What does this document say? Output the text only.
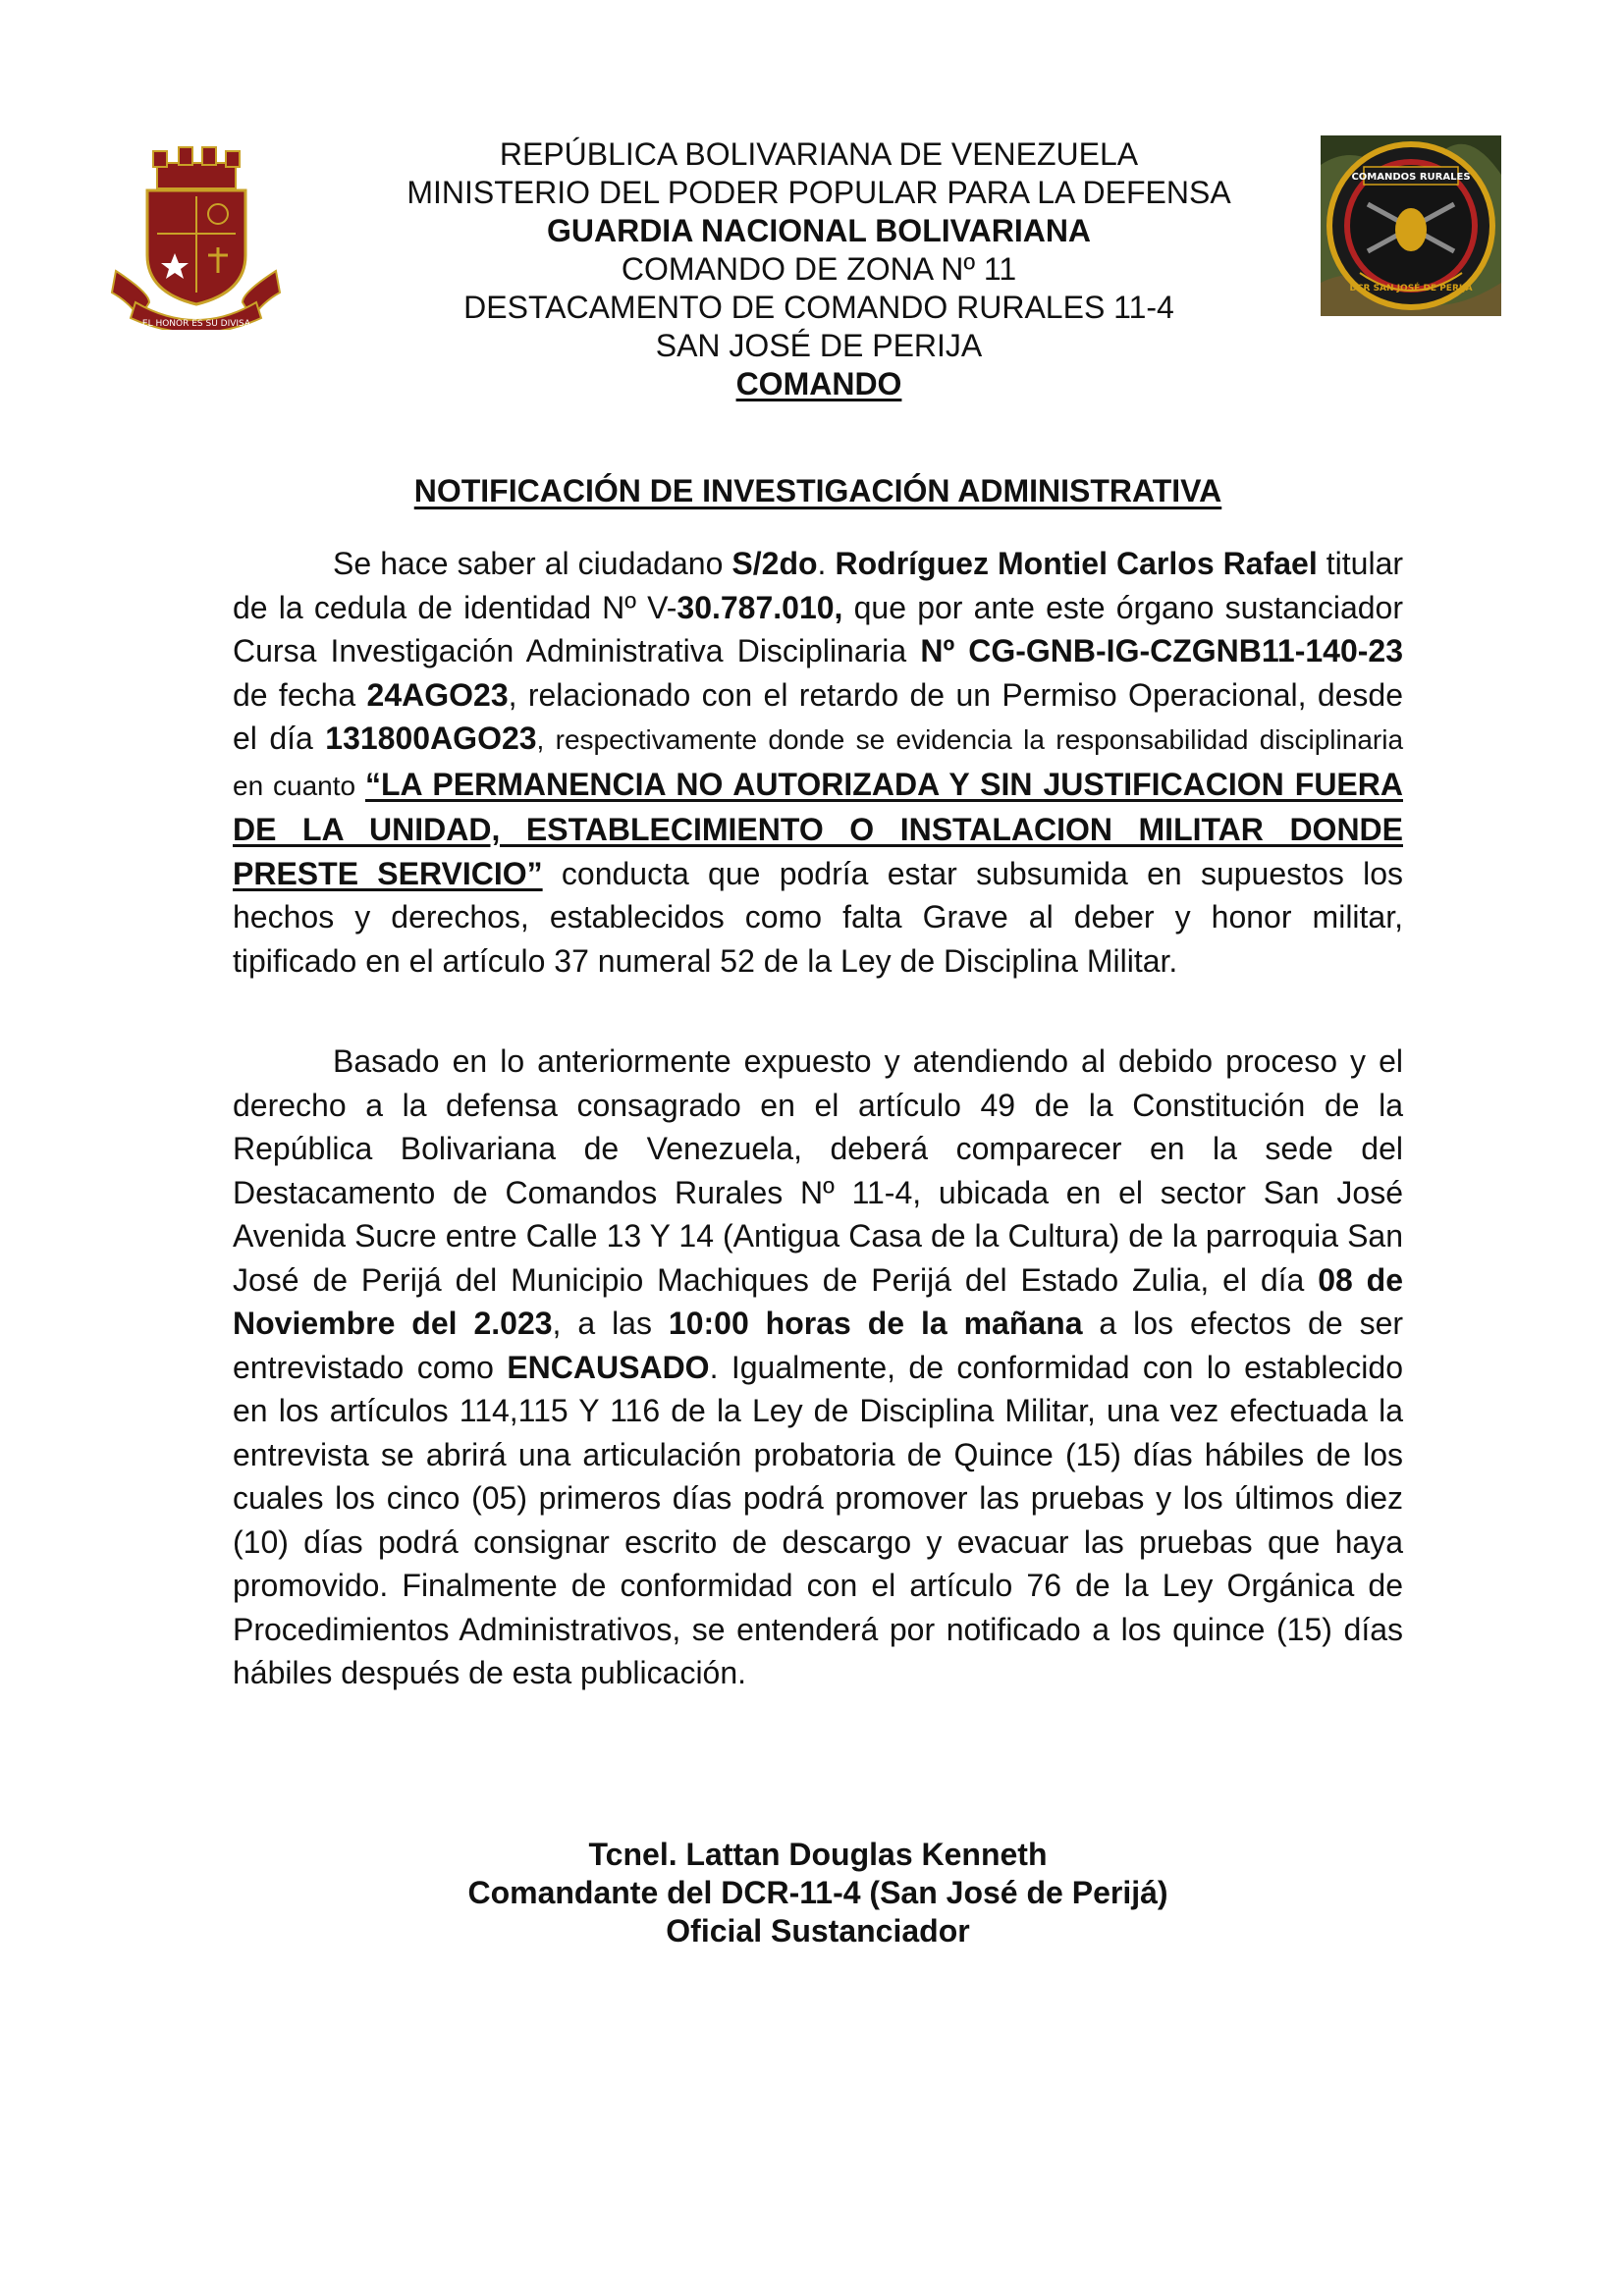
EL HONOR ES SU DIVISA
COMANDOS RURALES
DCR SAN JOSÉ DE PERIJÁ
REPÚBLICA BOLIVARIANA DE VENEZUELA
MINISTERIO DEL PODER POPULAR PARA LA DEFENSA
GUARDIA NACIONAL BOLIVARIANA
COMANDO DE ZONA Nº 11
DESTACAMENTO DE COMANDO RURALES 11-4
SAN JOSÉ DE PERIJA
COMANDO
NOTIFICACIÓN DE INVESTIGACIÓN ADMINISTRATIVA

Se hace saber al ciudadano S/2do. Rodríguez Montiel Carlos Rafael titular de la cedula de identidad Nº V-30.787.010, que por ante este órgano sustanciador Cursa Investigación Administrativa Disciplinaria Nº CG-GNB-IG-CZGNB11-140-23 de fecha 24AGO23, relacionado con el retardo de un Permiso Operacional, desde el día 131800AGO23, respectivamente donde se evidencia la responsabilidad disciplinaria en cuanto “LA PERMANENCIA NO AUTORIZADA Y SIN JUSTIFICACION FUERA DE LA UNIDAD, ESTABLECIMIENTO O INSTALACION MILITAR DONDE PRESTE SERVICIO” conducta que podría estar subsumida en supuestos los hechos y derechos, establecidos como falta Grave al deber y honor militar, tipificado en el artículo 37 numeral 52 de la Ley de Disciplina Militar.

Basado en lo anteriormente expuesto y atendiendo al debido proceso y el derecho a la defensa consagrado en el artículo 49 de la Constitución de la República Bolivariana de Venezuela, deberá comparecer en la sede del Destacamento de Comandos Rurales Nº 11-4, ubicada en el sector San José Avenida Sucre entre Calle 13 Y 14 (Antigua Casa de la Cultura) de la parroquia San José de Perijá del Municipio Machiques de Perijá del Estado Zulia, el día 08 de Noviembre del 2.023, a las 10:00 horas de la mañana a los efectos de ser entrevistado como ENCAUSADO. Igualmente, de conformidad con lo establecido en los artículos 114,115 Y 116 de la Ley de Disciplina Militar, una vez efectuada la entrevista se abrirá una articulación probatoria de Quince (15) días hábiles de los cuales los cinco (05) primeros días podrá promover las pruebas y los últimos diez (10) días podrá consignar escrito de descargo y evacuar las pruebas que haya promovido. Finalmente de conformidad con el artículo 76 de la Ley Orgánica de Procedimientos Administrativos, se entenderá por notificado a los quince (15) días hábiles después de esta publicación.

Tcnel. Lattan Douglas Kenneth
Comandante del DCR-11-4 (San José de Perijá)
Oficial Sustanciador
